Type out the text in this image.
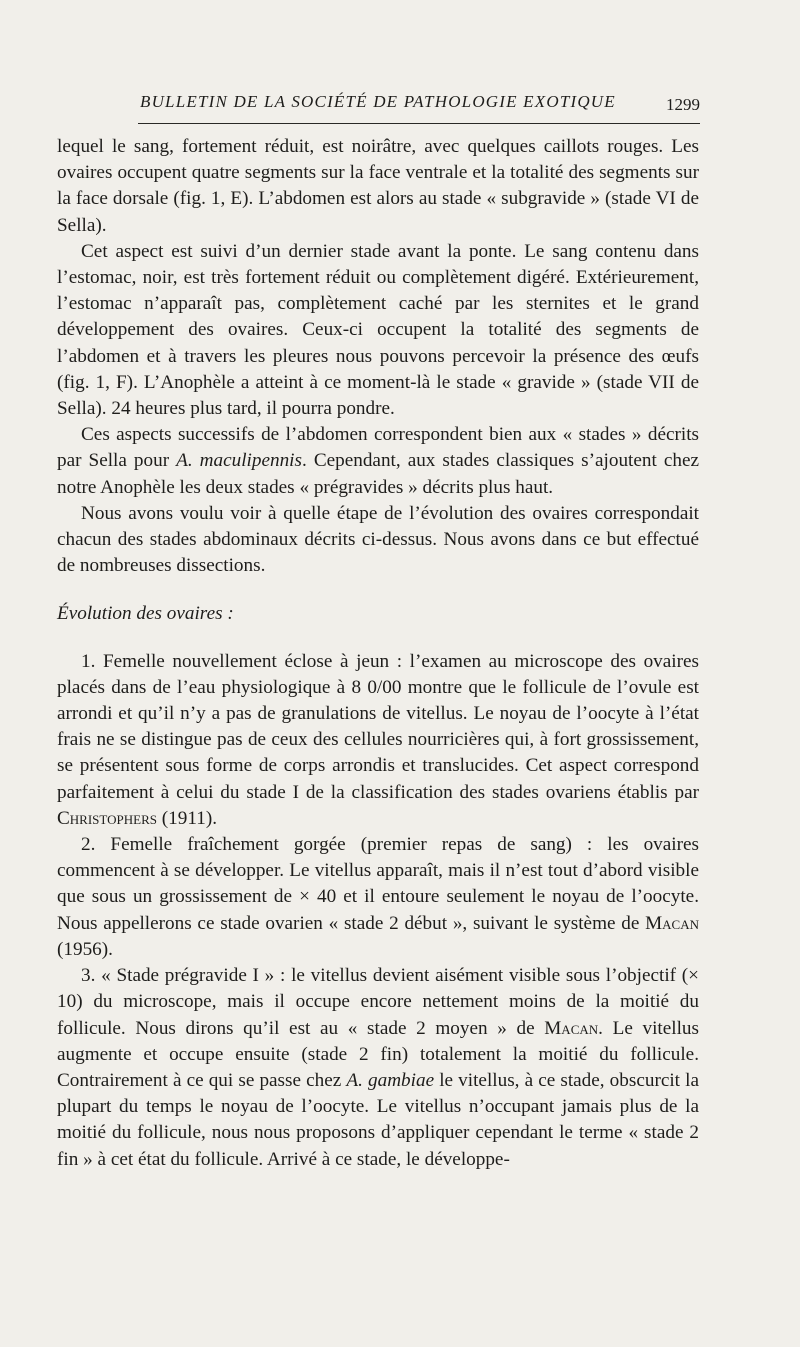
BULLETIN DE LA SOCIÉTÉ DE PATHOLOGIE EXOTIQUE	1299

lequel le sang, fortement réduit, est noirâtre, avec quelques caillots rouges. Les ovaires occupent quatre segments sur la face ventrale et la totalité des segments sur la face dorsale (fig. 1, E). L’abdomen est alors au stade « subgravide » (stade VI de Sella).

Cet aspect est suivi d’un dernier stade avant la ponte. Le sang contenu dans l’estomac, noir, est très fortement réduit ou complètement digéré. Extérieurement, l’estomac n’apparaît pas, complètement caché par les sternites et le grand développement des ovaires. Ceux-ci occupent la totalité des segments de l’abdomen et à travers les pleures nous pouvons percevoir la présence des œufs (fig. 1, F). L’Anophèle a atteint à ce moment-là le stade « gravide » (stade VII de Sella). 24 heures plus tard, il pourra pondre.

Ces aspects successifs de l’abdomen correspondent bien aux « stades » décrits par Sella pour A. maculipennis. Cependant, aux stades classiques s’ajoutent chez notre Anophèle les deux stades « prégravides » décrits plus haut.

Nous avons voulu voir à quelle étape de l’évolution des ovaires correspondait chacun des stades abdominaux décrits ci-dessus. Nous avons dans ce but effectué de nombreuses dissections.

Évolution des ovaires :

1. Femelle nouvellement éclose à jeun : l’examen au microscope des ovaires placés dans de l’eau physiologique à 8 0/00 montre que le follicule de l’ovule est arrondi et qu’il n’y a pas de granulations de vitellus. Le noyau de l’oocyte à l’état frais ne se distingue pas de ceux des cellules nourricières qui, à fort grossissement, se présentent sous forme de corps arrondis et translucides. Cet aspect correspond parfaitement à celui du stade I de la classification des stades ovariens établis par Christophers (1911).

2. Femelle fraîchement gorgée (premier repas de sang) : les ovaires commencent à se développer. Le vitellus apparaît, mais il n’est tout d’abord visible que sous un grossissement de × 40 et il entoure seulement le noyau de l’oocyte. Nous appellerons ce stade ovarien « stade 2 début », suivant le système de Macan (1956).

3. « Stade prégravide I » : le vitellus devient aisément visible sous l’objectif (× 10) du microscope, mais il occupe encore nettement moins de la moitié du follicule. Nous dirons qu’il est au « stade 2 moyen » de Macan. Le vitellus augmente et occupe ensuite (stade 2 fin) totalement la moitié du follicule. Contrairement à ce qui se passe chez A. gambiae le vitellus, à ce stade, obscurcit la plupart du temps le noyau de l’oocyte. Le vitellus n’occupant jamais plus de la moitié du follicule, nous nous proposons d’appliquer cependant le terme « stade 2 fin » à cet état du follicule. Arrivé à ce stade, le développe-
